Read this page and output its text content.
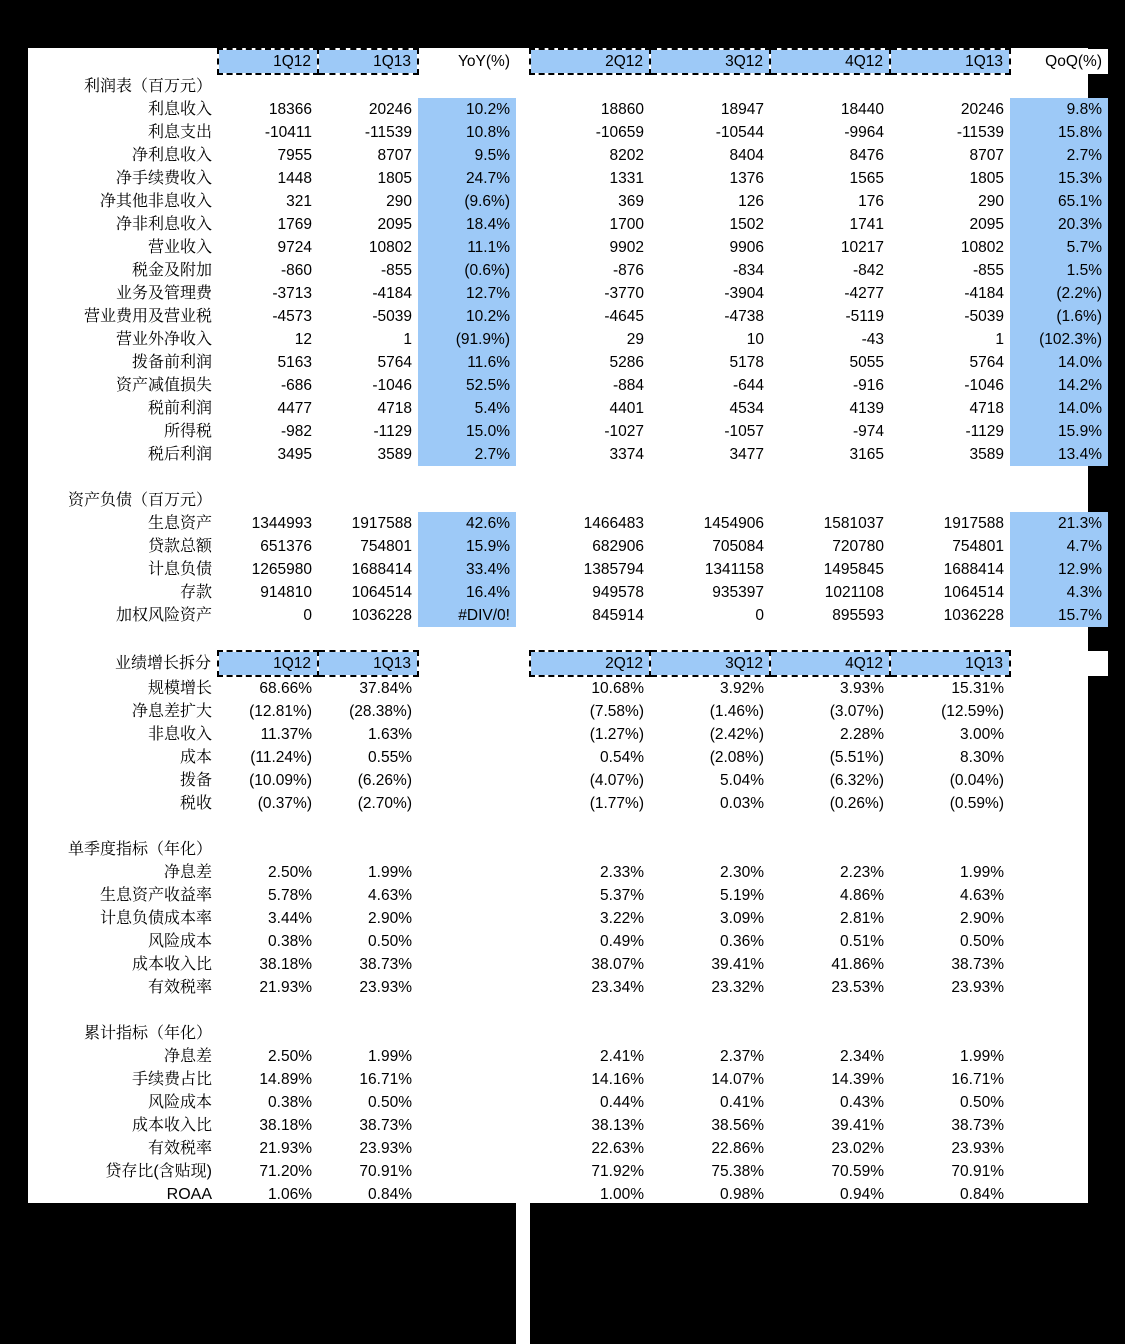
	1Q12	1Q13	YoY(%)		2Q12	3Q12	4Q12	1Q13	QoQ(%)
利润表（百万元）									
利息收入	18366	20246	10.2%		18860	18947	18440	20246	9.8%
利息支出	-10411	-11539	10.8%		-10659	-10544	-9964	-11539	15.8%
净利息收入	7955	8707	9.5%		8202	8404	8476	8707	2.7%
净手续费收入	1448	1805	24.7%		1331	1376	1565	1805	15.3%
净其他非息收入	321	290	(9.6%)		369	126	176	290	65.1%
净非利息收入	1769	2095	18.4%		1700	1502	1741	2095	20.3%
营业收入	9724	10802	11.1%		9902	9906	10217	10802	5.7%
税金及附加	-860	-855	(0.6%)		-876	-834	-842	-855	1.5%
业务及管理费	-3713	-4184	12.7%		-3770	-3904	-4277	-4184	(2.2%)
营业费用及营业税	-4573	-5039	10.2%		-4645	-4738	-5119	-5039	(1.6%)
营业外净收入	12	1	(91.9%)		29	10	-43	1	(102.3%)
拨备前利润	5163	5764	11.6%		5286	5178	5055	5764	14.0%
资产减值损失	-686	-1046	52.5%		-884	-644	-916	-1046	14.2%
税前利润	4477	4718	5.4%		4401	4534	4139	4718	14.0%
所得税	-982	-1129	15.0%		-1027	-1057	-974	-1129	15.9%
税后利润	3495	3589	2.7%		3374	3477	3165	3589	13.4%

资产负债（百万元）									
生息资产	1344993	1917588	42.6%		1466483	1454906	1581037	1917588	21.3%
贷款总额	651376	754801	15.9%		682906	705084	720780	754801	4.7%
计息负债	1265980	1688414	33.4%		1385794	1341158	1495845	1688414	12.9%
存款	914810	1064514	16.4%		949578	935397	1021108	1064514	4.3%
加权风险资产	0	1036228	#DIV/0!		845914	0	895593	1036228	15.7%

业绩增长拆分	1Q12	1Q13			2Q12	3Q12	4Q12	1Q13	
规模增长	68.66%	37.84%			10.68%	3.92%	3.93%	15.31%	
净息差扩大	(12.81%)	(28.38%)			(7.58%)	(1.46%)	(3.07%)	(12.59%)	
非息收入	11.37%	1.63%			(1.27%)	(2.42%)	2.28%	3.00%	
成本	(11.24%)	0.55%			0.54%	(2.08%)	(5.51%)	8.30%	
拨备	(10.09%)	(6.26%)			(4.07%)	5.04%	(6.32%)	(0.04%)	
税收	(0.37%)	(2.70%)			(1.77%)	0.03%	(0.26%)	(0.59%)	

单季度指标（年化）									
净息差	2.50%	1.99%			2.33%	2.30%	2.23%	1.99%	
生息资产收益率	5.78%	4.63%			5.37%	5.19%	4.86%	4.63%	
计息负债成本率	3.44%	2.90%			3.22%	3.09%	2.81%	2.90%	
风险成本	0.38%	0.50%			0.49%	0.36%	0.51%	0.50%	
成本收入比	38.18%	38.73%			38.07%	39.41%	41.86%	38.73%	
有效税率	21.93%	23.93%			23.34%	23.32%	23.53%	23.93%	

累计指标（年化）									
净息差	2.50%	1.99%			2.41%	2.37%	2.34%	1.99%	
手续费占比	14.89%	16.71%			14.16%	14.07%	14.39%	16.71%	
风险成本	0.38%	0.50%			0.44%	0.41%	0.43%	0.50%	
成本收入比	38.18%	38.73%			38.13%	38.56%	39.41%	38.73%	
有效税率	21.93%	23.93%			22.63%	22.86%	23.02%	23.93%	
贷存比(含贴现)	71.20%	70.91%			71.92%	75.38%	70.59%	70.91%	
ROAA	1.06%	0.84%			1.00%	0.98%	0.94%	0.84%	
ROAE	16.99%	16.54%			16.29%	16.29%	16.03%	16.54%	
不良贷款率	0.68%	0.98%			0.73%	0.80%	0.95%	0.98%	
拨备覆盖率	253.35%	182.68%			237.98%	209.40%	182.31%	182.68%	
拨备/贷款总额	1.73%	1.78%			1.73%	1.68%	1.74%	1.78%	
核心资本充足率	8.63%	7.28%			8.44%	8.47%	8.59%	7.28%	
资本充足率	11.63%	8.79%			11.40%	11.30%	11.37%	8.79%	
